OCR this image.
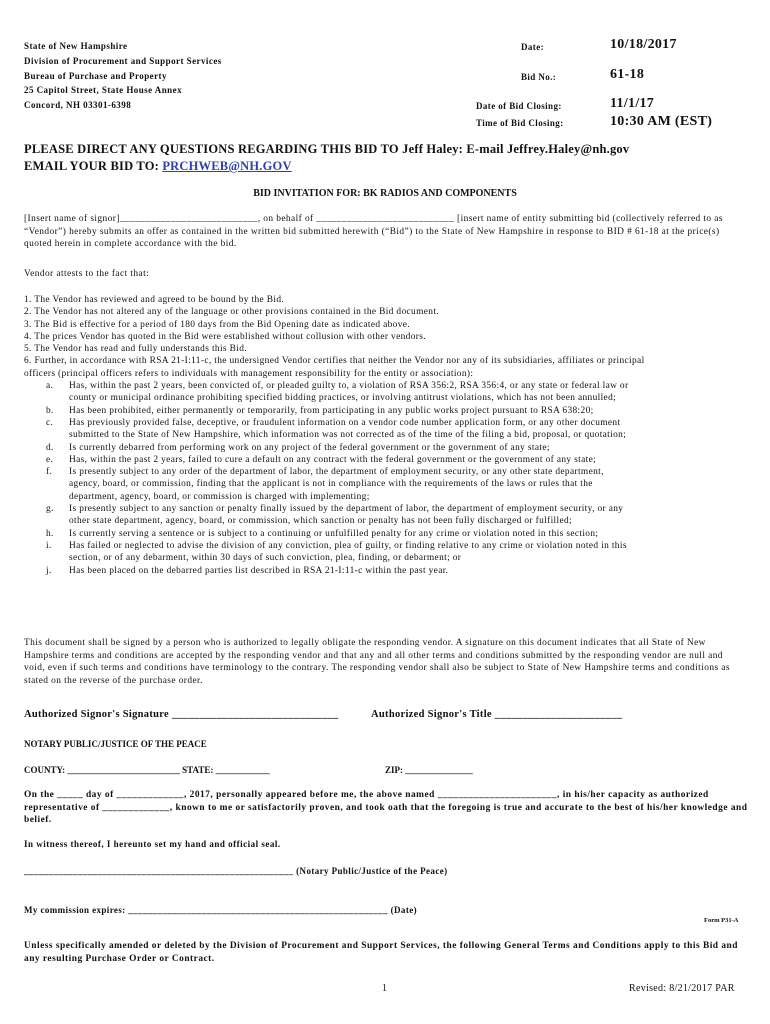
State of New Hampshire
Division of Procurement and Support Services
Bureau of Purchase and Property
25 Capitol Street, State House Annex
Concord, NH 03301-6398
Date:	10/18/2017
Bid No.:	61-18
Date of Bid Closing:	11/1/17
Time of Bid Closing:	10:30 AM (EST)
PLEASE DIRECT ANY QUESTIONS REGARDING THIS BID TO Jeff Haley: E-mail Jeffrey.Haley@nh.gov
EMAIL YOUR BID TO: PRCHWEB@NH.GOV
BID INVITATION FOR: BK RADIOS AND COMPONENTS
[Insert name of signor]___________________________, on behalf of ___________________________ [insert name of entity submitting bid (collectively referred to as “Vendor”) hereby submits an offer as contained in the written bid submitted herewith (“Bid”) to the State of New Hampshire in response to BID # 61-18 at the price(s) quoted herein in complete accordance with the bid.
Vendor attests to the fact that:
1. The Vendor has reviewed and agreed to be bound by the Bid.
2. The Vendor has not altered any of the language or other provisions contained in the Bid document.
3. The Bid is effective for a period of 180 days from the Bid Opening date as indicated above.
4. The prices Vendor has quoted in the Bid were established without collusion with other vendors.
5. The Vendor has read and fully understands this Bid.
6. Further, in accordance with RSA 21-I:11-c, the undersigned Vendor certifies that neither the Vendor nor any of its subsidiaries, affiliates or principal
officers (principal officers refers to individuals with management responsibility for the entity or association):
a. Has, within the past 2 years, been convicted of, or pleaded guilty to, a violation of RSA 356:2, RSA 356:4, or any state or federal law or
county or municipal ordinance prohibiting specified bidding practices, or involving antitrust violations, which has not been annulled;
b. Has been prohibited, either permanently or temporarily, from participating in any public works project pursuant to RSA 638:20;
c. Has previously provided false, deceptive, or fraudulent information on a vendor code number application form, or any other document
submitted to the State of New Hampshire, which information was not corrected as of the time of the filing a bid, proposal, or quotation;
d. Is currently debarred from performing work on any project of the federal government or the government of any state;
e. Has, within the past 2 years, failed to cure a default on any contract with the federal government or the government of any state;
f. Is presently subject to any order of the department of labor, the department of employment security, or any other state department,
agency, board, or commission, finding that the applicant is not in compliance with the requirements of the laws or rules that the
department, agency, board, or commission is charged with implementing;
g. Is presently subject to any sanction or penalty finally issued by the department of labor, the department of employment security, or any
other state department, agency, board, or commission, which sanction or penalty has not been fully discharged or fulfilled;
h. Is currently serving a sentence or is subject to a continuing or unfulfilled penalty for any crime or violation noted in this section;
i. Has failed or neglected to advise the division of any conviction, plea of guilty, or finding relative to any crime or violation noted in this
section, or of any debarment, within 30 days of such conviction, plea, finding, or debarment; or
j. Has been placed on the debarred parties list described in RSA 21-I:11-c within the past year.
This document shall be signed by a person who is authorized to legally obligate the responding vendor. A signature on this document indicates that all State of New Hampshire terms and conditions are accepted by the responding vendor and that any and all other terms and conditions submitted by the responding vendor are null and void, even if such terms and conditions have terminology to the contrary. The responding vendor shall also be subject to State of New Hampshire terms and conditions as stated on the reverse of the purchase order.
Authorized Signor's Signature ______________________________	Authorized Signor's Title _______________________
NOTARY PUBLIC/JUSTICE OF THE PEACE
COUNTY: _________________________ STATE: ____________	ZIP: _______________
On the _____ day of _____________, 2017, personally appeared before me, the above named _______________________, in his/her capacity as authorized representative of _____________, known to me or satisfactorily proven, and took oath that the foregoing is true and accurate to the best of his/her knowledge and belief.
In witness thereof, I hereunto set my hand and official seal.
_______________________________________________________ (Notary Public/Justice of the Peace)
My commission expires: _____________________________________________________ (Date)
Form P31-A
Unless specifically amended or deleted by the Division of Procurement and Support Services, the following General Terms and Conditions apply to this Bid and any resulting Purchase Order or Contract.
1	Revised: 8/21/2017 PAR
